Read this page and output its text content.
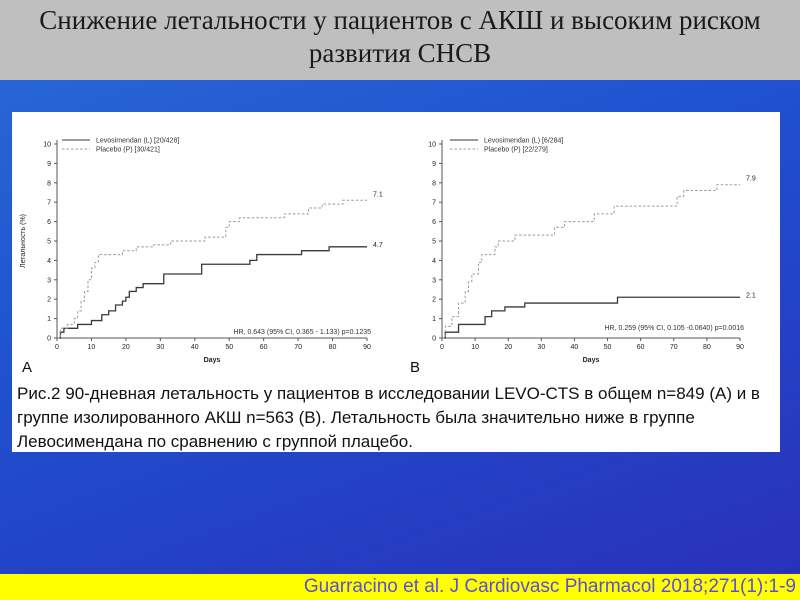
Снижение летальности у пациентов с АКШ и высоким риском развития СНСВ
0
1
2
3
4
5
6
7
8
9
10
0	10	20	30	40	50	60	70	80	90
Days
Летальность (%)	4.7
Levosimendan (L) [20/428]
7.1
Placebo (P) [30/421]
HR, 0.643 (95% CI, 0.365 - 1.133) p=0.1235
A
0
1
2
3
4
5
6
7
8
9
10
0	10	20	30	40	50	60	70	80	90
Days
2.1
Levosimendan (L) [6/284]
7.9
Placebo (P) [22/279]
HR, 0.259 (95% CI, 0.105 -0.0640) p=0.0016
B
Рис.2 90-дневная летальность у пациентов в исследовании LEVO-CTS в общем n=849 (А) и в группе изолированного АКШ n=563 (В). Летальность была значительно ниже в группе Левосимендана по сравнению с группой плацебо.
Guarracino et al. J Cardiovasc Pharmacol 2018;271(1):1-9
